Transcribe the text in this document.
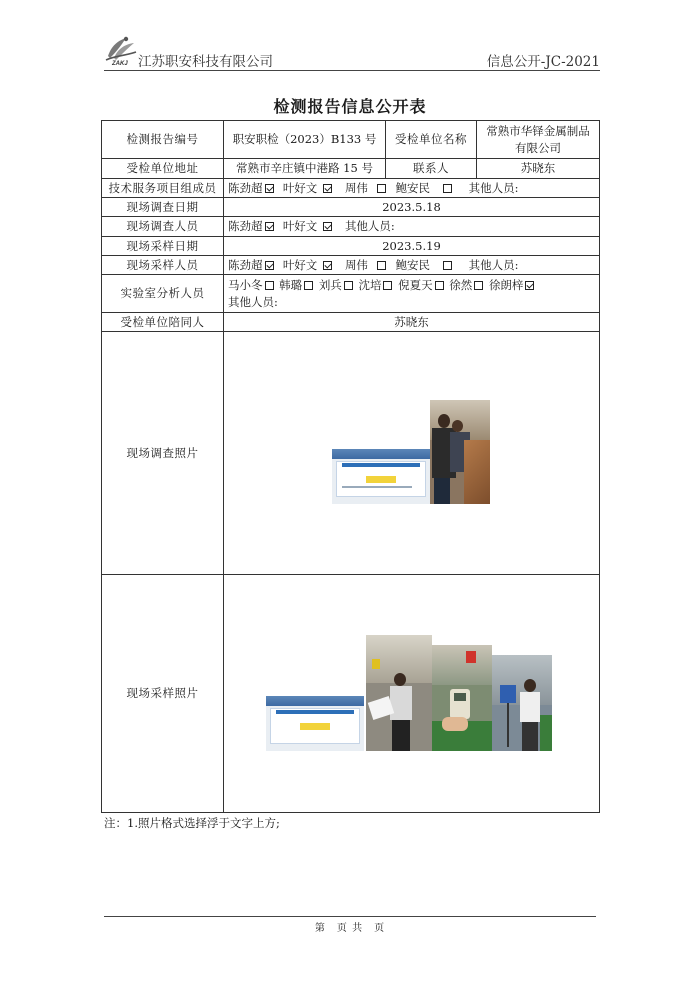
ZAKJ 江苏职安科技有限公司	信息公开-JC-2021
检测报告信息公开表
检测报告编号	职安职检（2023）B133 号	受检单位名称	常熟市华铎金属制品有限公司
受检单位地址	常熟市辛庄镇中港路 15 号	联系人	苏晓东
技术服务项目组成员	陈劲超 叶好文 周伟 鲍安民 其他人员:		
现场调查日期	2023.5.18		
现场调查人员	陈劲超 叶好文 其他人员:		
现场采样日期	2023.5.19		
现场采样人员	陈劲超 叶好文 周伟 鲍安民 其他人员:		
实验室分析人员	马小冬 韩璐 刘兵 沈培 倪夏天 徐然 徐朗梓
其他人员:		
受检单位陪同人	苏晓东		
现场调查照片			

现场采样照片			
注：1.照片格式选择浮于文字上方;
第　页 共　页
